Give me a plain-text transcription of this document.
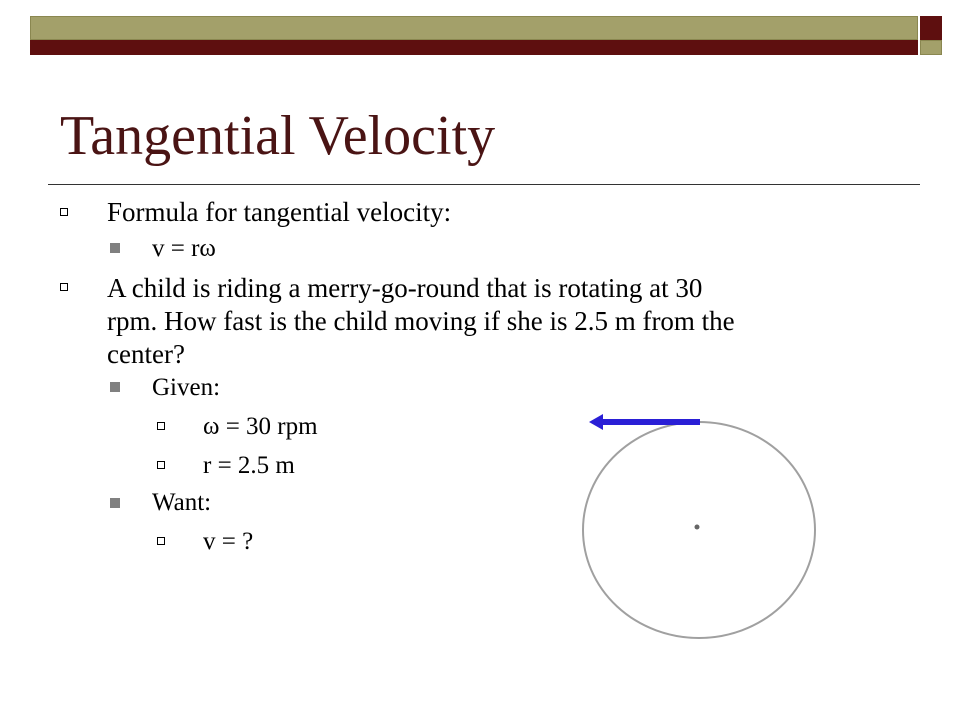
Tangential Velocity
Formula for tangential velocity:
v = rω
A child is riding a merry-go-round that is rotating at 30
rpm. How fast is the child moving if she is 2.5 m from the
center?
Given:
ω = 30 rpm
r = 2.5 m
Want:
v = ?
